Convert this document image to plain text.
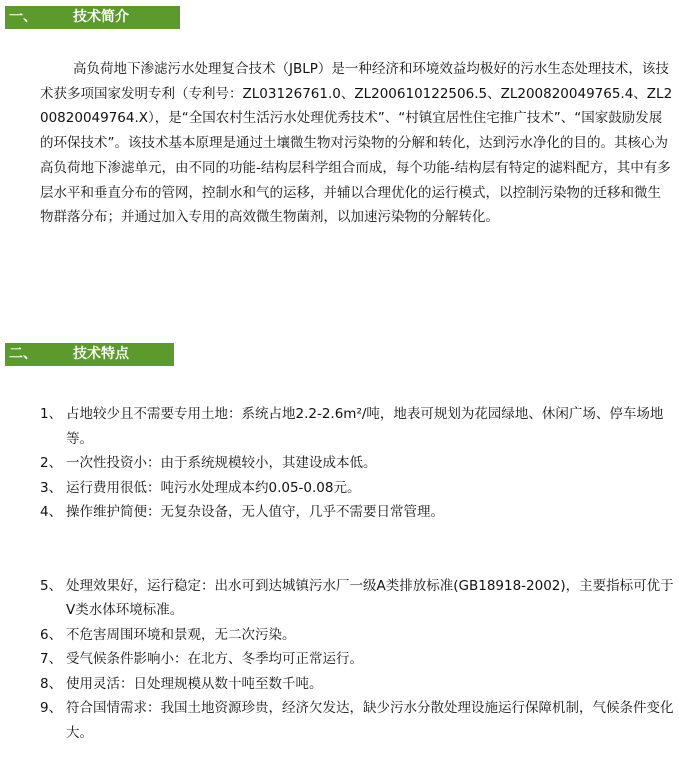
一、	技术简介

高负荷地下渗滤污水处理复合技术（JBLP）是一种经济和环境效益均极好的污水生态处理技术，该技术获多项国家发明专利（专利号：ZL03126761.0、ZL200610122506.5、ZL200820049765.4、ZL200820049764.X），是“全国农村生活污水处理优秀技术”、“村镇宜居性住宅推广技术”、“国家鼓励发展的环保技术”。该技术基本原理是通过土壤微生物对污染物的分解和转化，达到污水净化的目的。其核心为高负荷地下渗滤单元，由不同的功能-结构层科学组合而成，每个功能-结构层有特定的滤料配方，其中有多层水平和垂直分布的管网，控制水和气的运移，并辅以合理优化的运行模式，以控制污染物的迁移和微生物群落分布；并通过加入专用的高效微生物菌剂，以加速污染物的分解转化。

二、	技术特点
1、 占地较少且不需要专用土地：系统占地2.2-2.6m²/吨，地表可规划为花园绿地、休闲广场、停车场地等。
2、 一次性投资小：由于系统规模较小，其建设成本低。
3、 运行费用很低：吨污水处理成本约0.05-0.08元。
4、 操作维护简便：无复杂设备，无人值守，几乎不需要日常管理。
5、 处理效果好，运行稳定：出水可到达城镇污水厂一级A类排放标准(GB18918-2002)，主要指标可优于V类水体环境标准。
6、 不危害周围环境和景观，无二次污染。
7、 受气候条件影响小：在北方、冬季均可正常运行。
8、 使用灵活：日处理规模从数十吨至数千吨。
9、 符合国情需求：我国土地资源珍贵，经济欠发达，缺少污水分散处理设施运行保障机制，气候条件变化大。
